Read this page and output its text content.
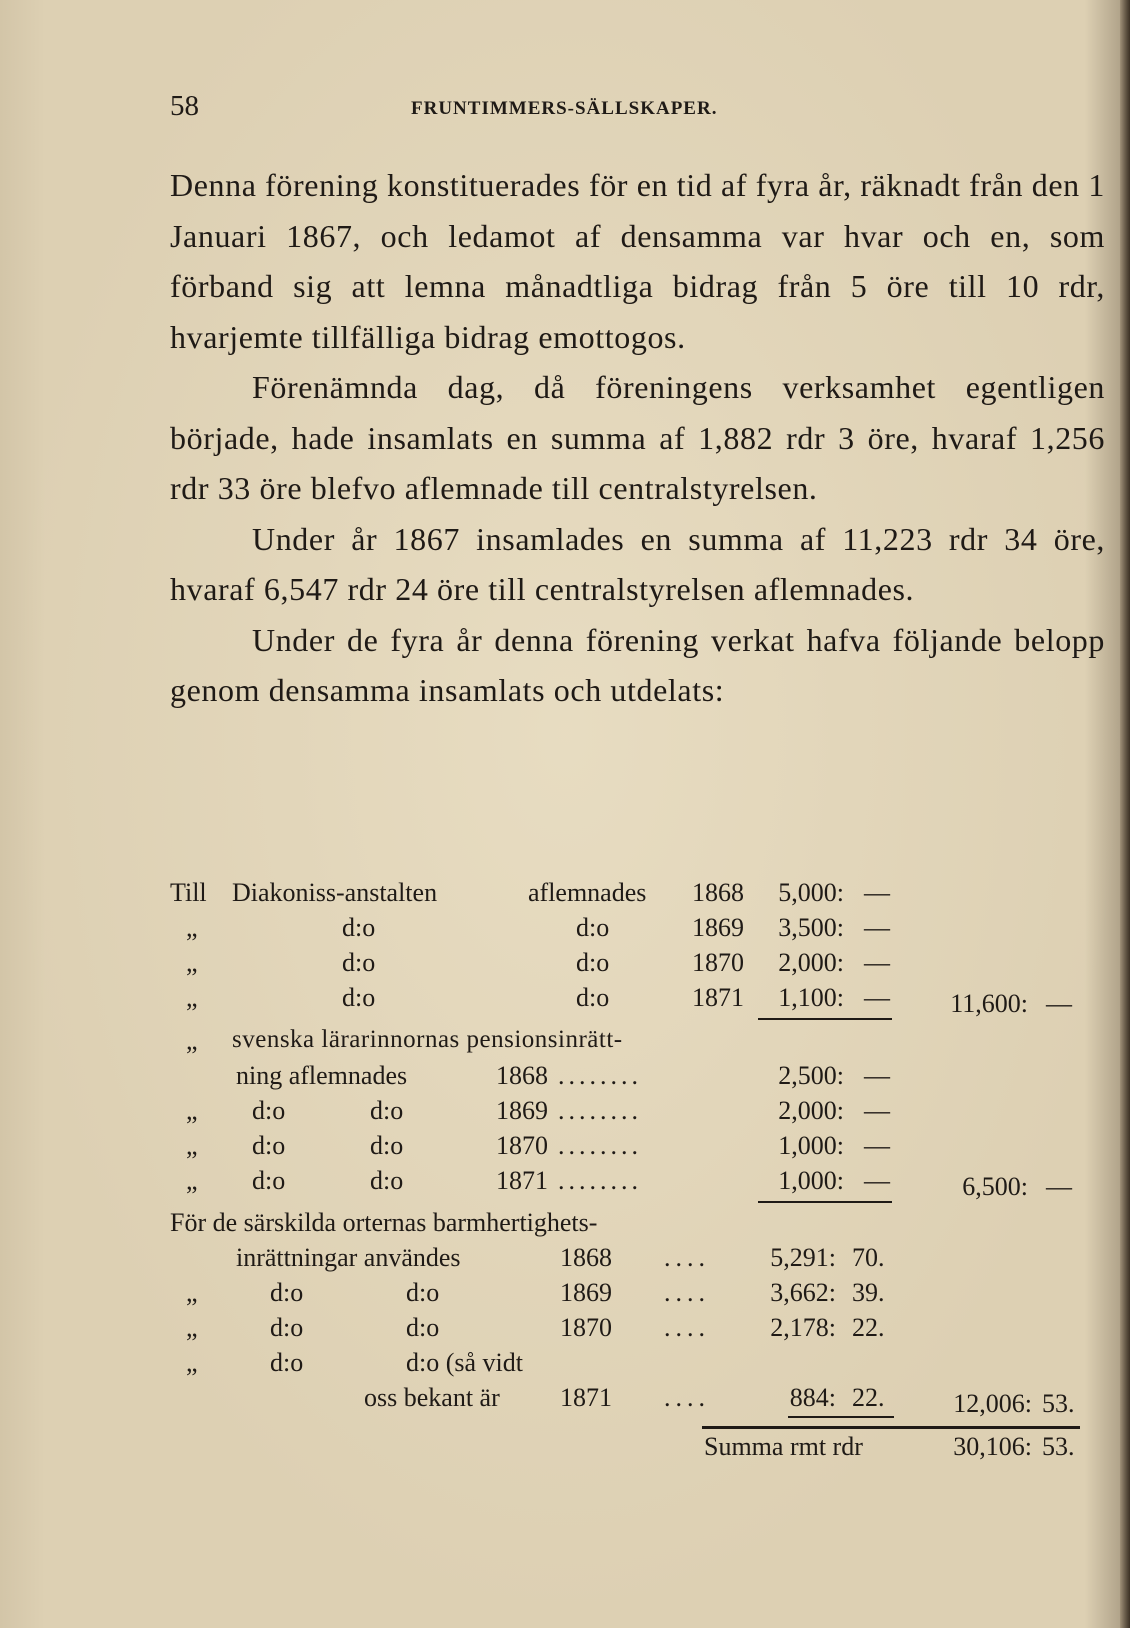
58	FRUNTIMMERS-SÄLLSKAPER.

Denna förening konstituerades för en tid af fyra år, räknadt från den 1 Januari 1867, och ledamot af densamma var hvar och en, som förband sig att lemna månadtliga bidrag från 5 öre till 10 rdr, hvarjemte tillfälliga bidrag emottogos.

Förenämnda dag, då föreningens verksamhet egentligen började, hade insamlats en summa af 1,882 rdr 3 öre, hvaraf 1,256 rdr 33 öre blefvo aflemnade till centralstyrelsen.

Under år 1867 insamlades en summa af 11,223 rdr 34 öre, hvaraf 6,547 rdr 24 öre till centralstyrelsen aflemnades.

Under de fyra år denna förening verkat hafva följande belopp genom densamma insamlats och utdelats:

Till Diakoniss-anstalten	aflemnades 1868	5,000: —
„	d:o	d:o	1869	3,500: —
„	d:o	d:o	1870	2,000: —
„	d:o	d:o	1871	1,100: —	11,600: —
„ svenska lärarinnornas pensionsinrätt-
ning aflemnades	1868 ........	2,500: —
„ d:o	d:o	1869 ........	2,000: —
„ d:o	d:o	1870 ........	1,000: —
„ d:o	d:o	1871 ........	1,000: —	6,500: —
För de särskilda orternas barmhertighets-
inrättningar användes	1868 ....	5,291: 70.
„	d:o	d:o	1869 ....	3,662: 39.
„	d:o	d:o	1870 ....	2,178: 22.
„	d:o	d:o (så vidt
oss bekant är 1871 ....	884: 22.	12,006: 53.
Summa rmt rdr	30,106: 53.
